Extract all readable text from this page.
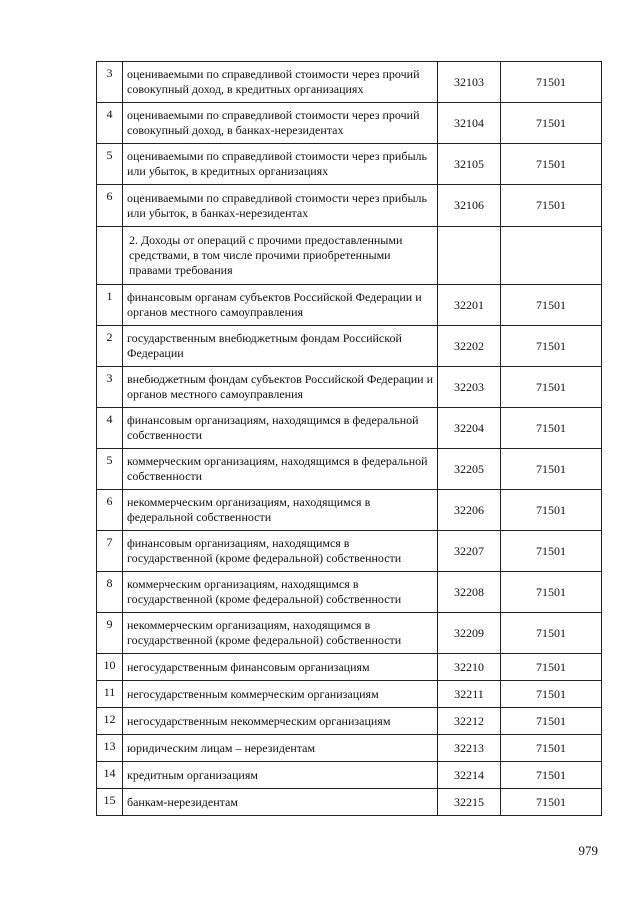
3	оцениваемыми по справедливой стоимости через прочий совокупный доход, в кредитных организациях	32103	71501

4	оцениваемыми по справедливой стоимости через прочий совокупный доход, в банках-нерезидентах	32104	71501

5	оцениваемыми по справедливой стоимости через прибыль или убыток, в кредитных организациях	32105	71501

6	оцениваемыми по справедливой стоимости через прибыль или убыток, в банках-нерезидентах	32106	71501

	2. Доходы от операций с прочими предоставленными средствами, в том числе прочими приобретенными правами требования		

1	финансовым органам субъектов Российской Федерации и органов местного самоуправления	32201	71501

2	государственным внебюджетным фондам Российской Федерации	32202	71501

3	внебюджетным фондам субъектов Российской Федерации и органов местного самоуправления	32203	71501

4	финансовым организациям, находящимся в федеральной собственности	32204	71501

5	коммерческим организациям, находящимся в федеральной собственности	32205	71501

6	некоммерческим организациям, находящимся в федеральной собственности	32206	71501

7	финансовым организациям, находящимся в государственной (кроме федеральной) собственности	32207	71501

8	коммерческим организациям, находящимся в государственной (кроме федеральной) собственности	32208	71501

9	некоммерческим организациям, находящимся в государственной (кроме федеральной) собственности	32209	71501

10	негосударственным финансовым организациям	32210	71501

11	негосударственным коммерческим организациям	32211	71501

12	негосударственным некоммерческим организациям	32212	71501

13	юридическим лицам – нерезидентам	32213	71501

14	кредитным организациям	32214	71501

15	банкам-нерезидентам	32215	71501
979
